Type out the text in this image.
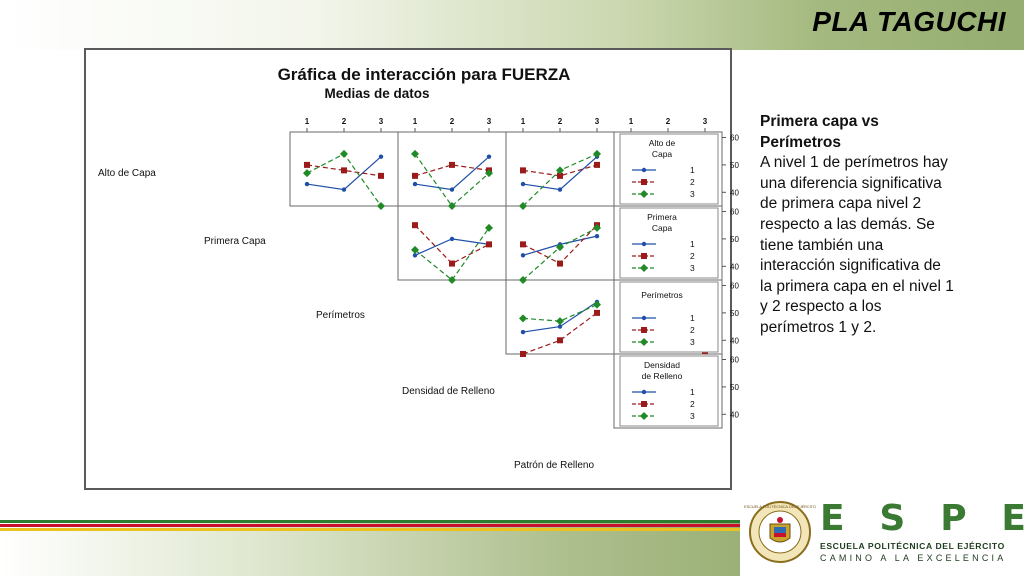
PLA TAGUCHI
Gráfica de interacción para FUERZA
Medias de datos
1	2	3	1	2	3	1	2	3	1	2	3
Alto de Capa
Primera Capa
Perímetros
Densidad de Relleno
Patrón de Relleno
40
50
60
40
50
60
40
50
60
40
50
60
Alto de
Capa
1
2
3
Primera
Capa
1
2
3
Perímetros
1
2
3
Densidad
de Relleno
1
2
3
Primera capa vs
Perímetros
A nivel 1 de perímetros hay
una diferencia significativa
de primera capa nivel 2
respecto a las demás. Se
tiene también una
interacción significativa de
la primera capa en el nivel 1
y 2 respecto a los
perímetros 1 y 2.
ESCUELA POLITÉCNICA DEL EJÉRCITO E S P E
ESCUELA POLITÉCNICA DEL EJÉRCITO
CAMINO A LA EXCELENCIA
